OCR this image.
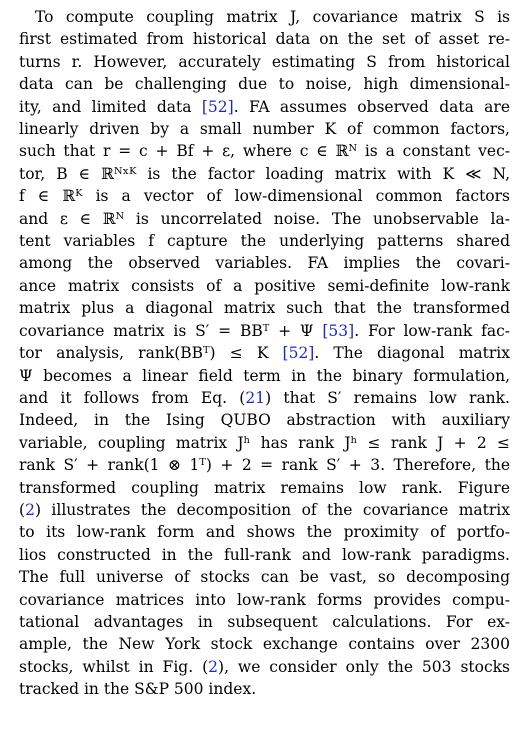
To compute coupling matrix J, covariance matrix S is
first estimated from historical data on the set of asset re-
turns r. However, accurately estimating S from historical
data can be challenging due to noise, high dimensional-
ity, and limited data [52]. FA assumes observed data are
linearly driven by a small number K of common factors,
such that r = c + Bf + ε, where c ∈ ℝᴺ is a constant vec-
tor, B ∈ ℝᴺˣᴷ is the factor loading matrix with K ≪ N,
f ∈ ℝᴷ is a vector of low-dimensional common factors
and ε ∈ ℝᴺ is uncorrelated noise. The unobservable la-
tent variables f capture the underlying patterns shared
among the observed variables. FA implies the covari-
ance matrix consists of a positive semi-definite low-rank
matrix plus a diagonal matrix such that the transformed
covariance matrix is S′ = BBᵀ + Ψ [53]. For low-rank fac-
tor analysis, rank(BBᵀ) ≤ K [52]. The diagonal matrix
Ψ becomes a linear field term in the binary formulation,
and it follows from Eq. (21) that S′ remains low rank.
Indeed, in the Ising QUBO abstraction with auxiliary
variable, coupling matrix Jʰ has rank Jʰ ≤ rank J + 2 ≤
rank S′ + rank(1 ⊗ 1ᵀ) + 2 = rank S′ + 3. Therefore, the
transformed coupling matrix remains low rank. Figure
(2) illustrates the decomposition of the covariance matrix
to its low-rank form and shows the proximity of portfo-
lios constructed in the full-rank and low-rank paradigms.
The full universe of stocks can be vast, so decomposing
covariance matrices into low-rank forms provides compu-
tational advantages in subsequent calculations. For ex-
ample, the New York stock exchange contains over 2300
stocks, whilst in Fig. (2), we consider only the 503 stocks
tracked in the S&P 500 index.
